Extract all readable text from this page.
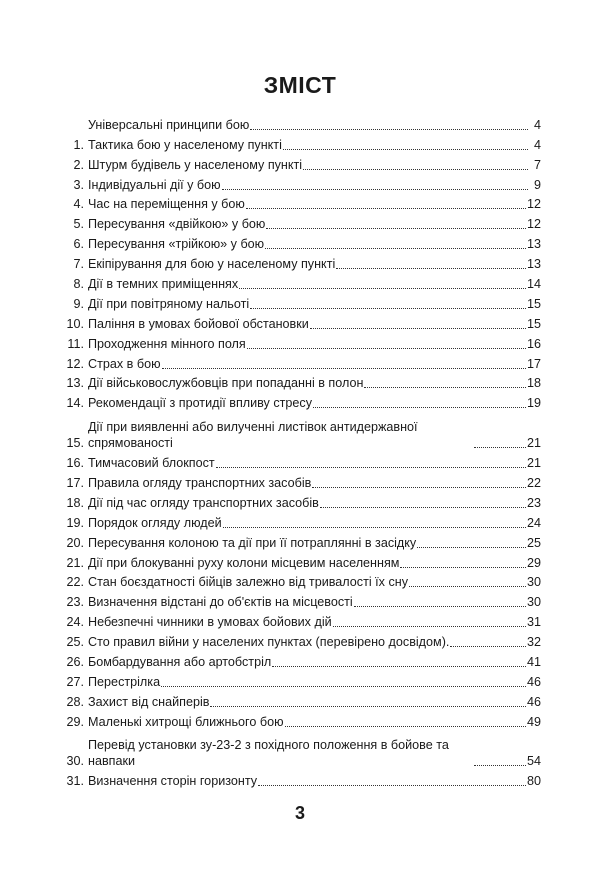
ЗМІСТ
Універсальні принципи бою	4
1. Тактика бою у населеному пункті	4
2. Штурм будівель у населеному пункті	7
3. Індивідуальні дії у бою	9
4. Час на переміщення у бою	12
5. Пересування «двійкою» у бою	12
6. Пересування «трійкою» у бою	13
7. Екіпірування для бою у населеному пункті	13
8. Дії в темних приміщеннях	14
9. Дії при повітряному нальоті	15
10. Паління в умовах бойової обстановки	15
11. Проходження мінного поля	16
12. Страх в бою	17
13. Дії військовослужбовців при попаданні в полон	18
14. Рекомендації з протидії впливу стресу	19
15.
Дії при виявленні або вилученні листівок антидержавної спрямованості	21
16. Тимчасовий блокпост	21
17. Правила огляду транспортних засобів	22
18. Дії під час огляду транспортних засобів	23
19. Порядок огляду людей	24
20. Пересування колоною та дії при її потраплянні в засідку	25
21. Дії при блокуванні руху колони місцевим населенням	29
22. Стан боєздатності бійців залежно від тривалості їх сну	30
23. Визначення відстані до об'єктів на місцевості	30
24. Небезпечні чинники в умовах бойових дій	31
25. Сто правил війни у населених пунктах (перевірено досвідом).	32
26. Бомбардування або артобстріл	41
27. Перестрілка	46
28. Захист від снайперів	46
29. Маленькі хитрощі ближнього бою	49
30.
Перевід установки зу-23-2 з похідного положення в бойове та навпаки	54
31. Визначення сторін горизонту	80
3
